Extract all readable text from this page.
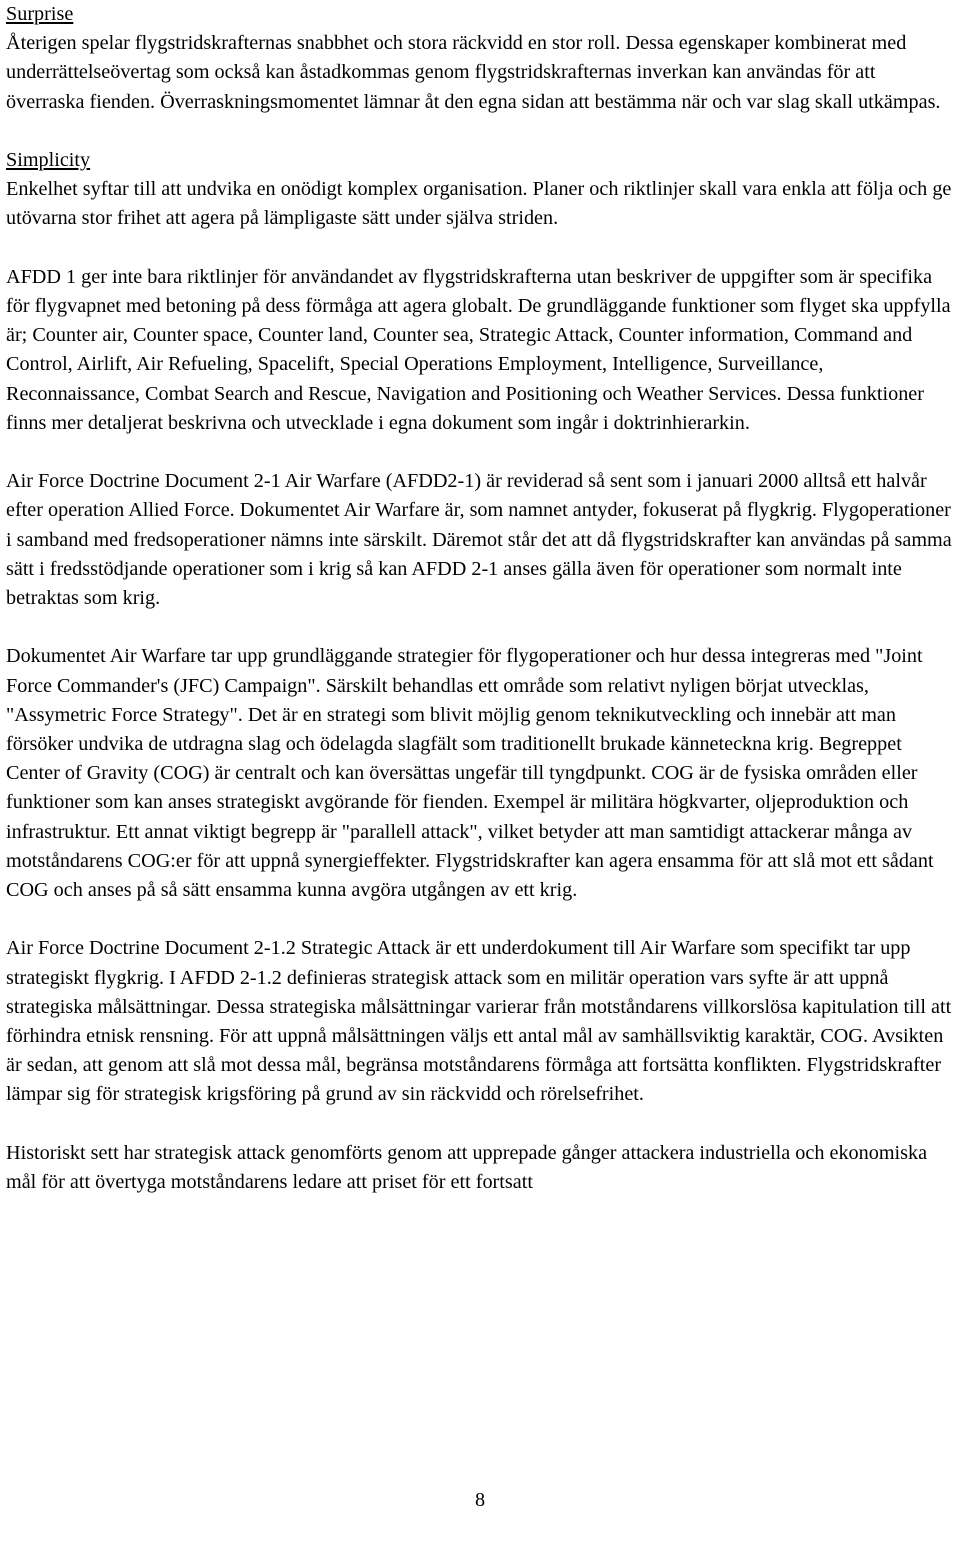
Surprise

Återigen spelar flygstridskrafternas snabbhet och stora räckvidd en stor roll. Dessa egenskaper kombinerat med underrättelseövertag som också kan åstadkommas genom flygstridskrafternas inverkan kan användas för att överraska fienden. Överraskningsmomentet lämnar åt den egna sidan att bestämma när och var slag skall utkämpas.

Simplicity

Enkelhet syftar till att undvika en onödigt komplex organisation. Planer och riktlinjer skall vara enkla att följa och ge utövarna stor frihet att agera på lämpligaste sätt under själva striden.

AFDD 1 ger inte bara riktlinjer för användandet av flygstridskrafterna utan beskriver de uppgifter som är specifika för flygvapnet med betoning på dess förmåga att agera globalt. De grundläggande funktioner som flyget ska uppfylla är; Counter air, Counter space, Counter land, Counter sea, Strategic Attack, Counter information, Command and Control, Airlift, Air Refueling, Spacelift, Special Operations Employment, Intelligence, Surveillance, Reconnaissance, Combat Search and Rescue, Navigation and Positioning och Weather Services. Dessa funktioner finns mer detaljerat beskrivna och utvecklade i egna dokument som ingår i doktrinhierarkin.

Air Force Doctrine Document 2-1 Air Warfare (AFDD2-1) är reviderad så sent som i januari 2000 alltså ett halvår efter operation Allied Force. Dokumentet Air Warfare är, som namnet antyder, fokuserat på flygkrig. Flygoperationer i samband med fredsoperationer nämns inte särskilt. Däremot står det att då flygstridskrafter kan användas på samma sätt i fredsstödjande operationer som i krig så kan AFDD 2-1 anses gälla även för operationer som normalt inte betraktas som krig.

Dokumentet Air Warfare tar upp grundläggande strategier för flygoperationer och hur dessa integreras med "Joint Force Commander's (JFC) Campaign". Särskilt behandlas ett område som relativt nyligen börjat utvecklas, "Assymetric Force Strategy". Det är en strategi som blivit möjlig genom teknikutveckling och innebär att man försöker undvika de utdragna slag och ödelagda slagfält som traditionellt brukade känneteckna krig. Begreppet Center of Gravity (COG) är centralt och kan översättas ungefär till tyngdpunkt. COG är de fysiska områden eller funktioner som kan anses strategiskt avgörande för fienden. Exempel är militära högkvarter, oljeproduktion och infrastruktur. Ett annat viktigt begrepp är "parallell attack", vilket betyder att man samtidigt attackerar många av motståndarens COG:er för att uppnå synergieffekter. Flygstridskrafter kan agera ensamma för att slå mot ett sådant COG och anses på så sätt ensamma kunna avgöra utgången av ett krig.

Air Force Doctrine Document 2-1.2 Strategic Attack är ett underdokument till Air Warfare som specifikt tar upp strategiskt flygkrig. I AFDD 2-1.2 definieras strategisk attack som en militär operation vars syfte är att uppnå strategiska målsättningar. Dessa strategiska målsättningar varierar från motståndarens villkorslösa kapitulation till att förhindra etnisk rensning. För att uppnå målsättningen väljs ett antal mål av samhällsviktig karaktär, COG. Avsikten är sedan, att genom att slå mot dessa mål, begränsa motståndarens förmåga att fortsätta konflikten. Flygstridskrafter lämpar sig för strategisk krigsföring på grund av sin räckvidd och rörelsefrihet.

Historiskt sett har strategisk attack genomförts genom att upprepade gånger attackera industriella och ekonomiska mål för att övertyga motståndarens ledare att priset för ett fortsatt

8
